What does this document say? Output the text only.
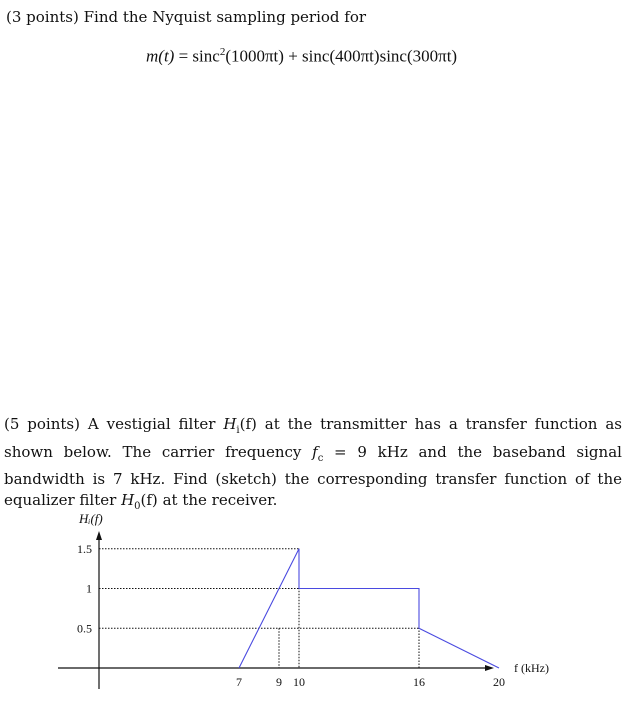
(3 points) Find the Nyquist sampling period for
m(t) = sinc$^2$(1000πt) + sinc(400πt)sinc(300πt)
(5 points) A vestigial filter $H_i(f)$ at the transmitter has a transfer function as shown below. The carrier frequency $f_c = 9$ kHz and the baseband signal bandwidth is 7 kHz. Find (sketch) the corresponding transfer function of the equalizer filter $H_0(f)$ at the receiver.
1.5
1
0.5
7	9 10	16	20
Hᵢ(f)
f (kHz)
